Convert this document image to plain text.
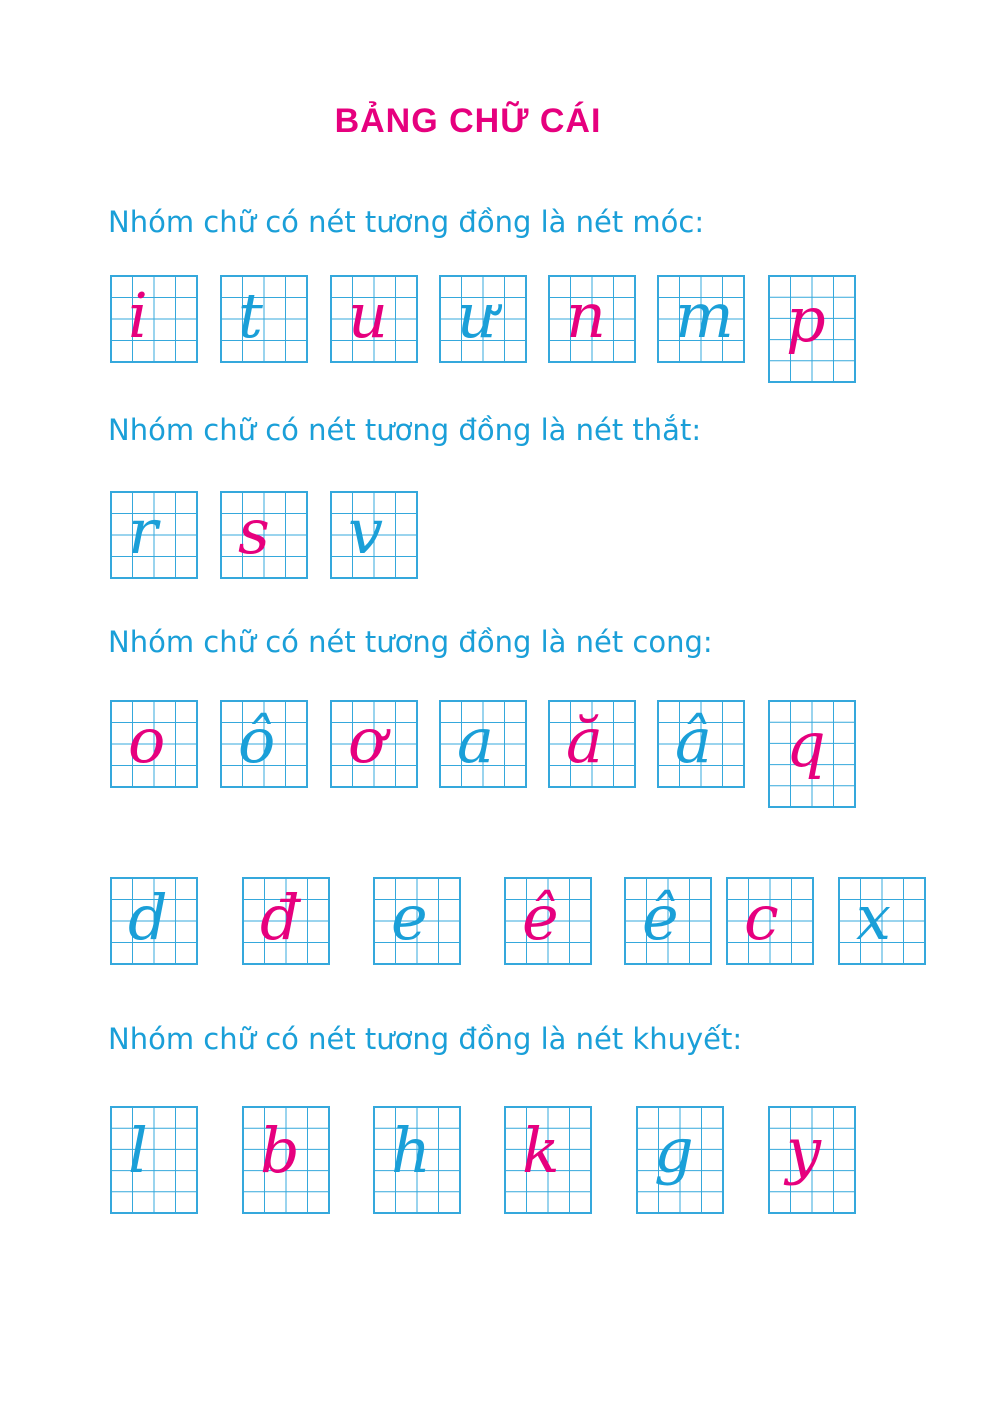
BẢNG CHỮ CÁI
Nhóm chữ có nét tương đồng là nét móc:
Nhóm chữ có nét tương đồng là nét thắt:
Nhóm chữ có nét tương đồng là nét cong:
Nhóm chữ có nét tương đồng là nét khuyết:
i t u ư n m p
r s v
o ô ơ a ă â q
d đ e ê ê c x
l b h k g y
